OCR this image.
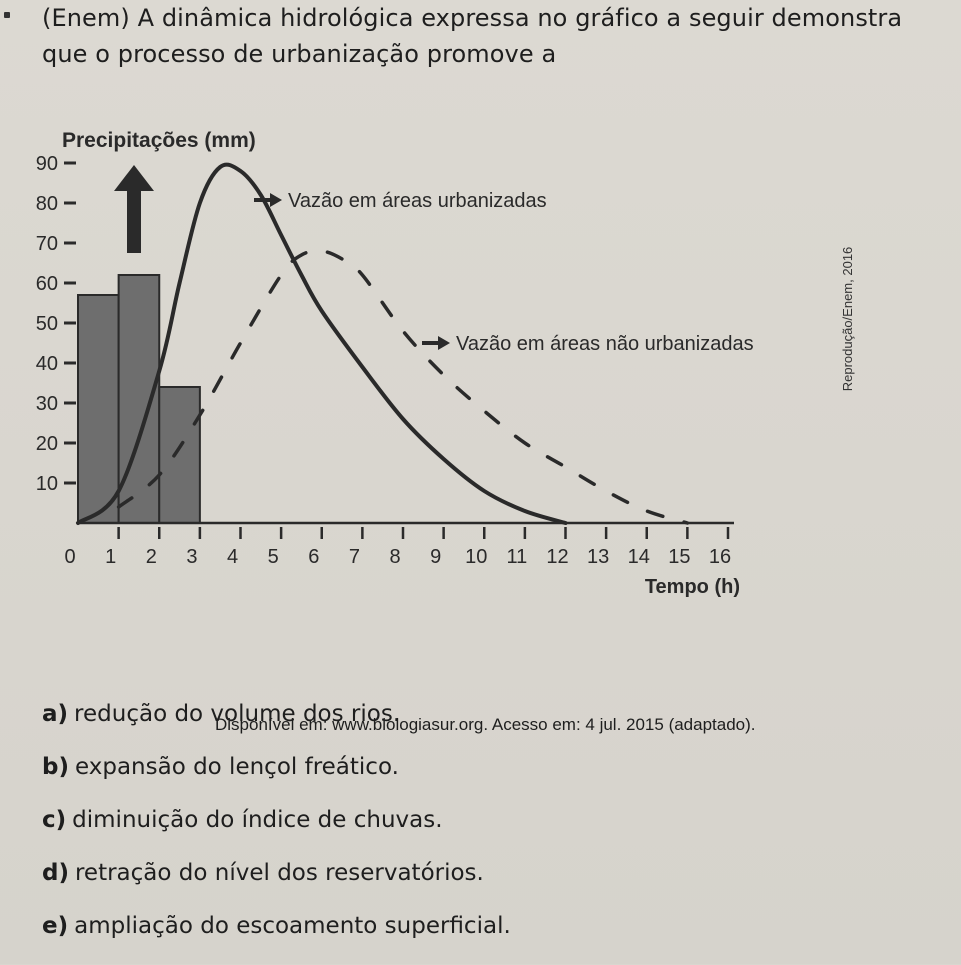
(Enem) A dinâmica hidrológica expressa no gráfico a seguir demonstra que o processo de urbanização promove a
10
20
30
40
50
60
70
80
90
0 1 2 3 4 5 6 7 8 9 10 11 12 13 14 15 16
Precipitações (mm)
Tempo (h)
Vazão em áreas urbanizadas
Vazão em áreas não urbanizadas	Reprodução/Enem, 2016
Disponível em: www.biologiasur.org. Acesso em: 4 jul. 2015 (adaptado).
a) redução do volume dos rios.
b) expansão do lençol freático.
c) diminuição do índice de chuvas.
d) retração do nível dos reservatórios.
e) ampliação do escoamento superficial.
